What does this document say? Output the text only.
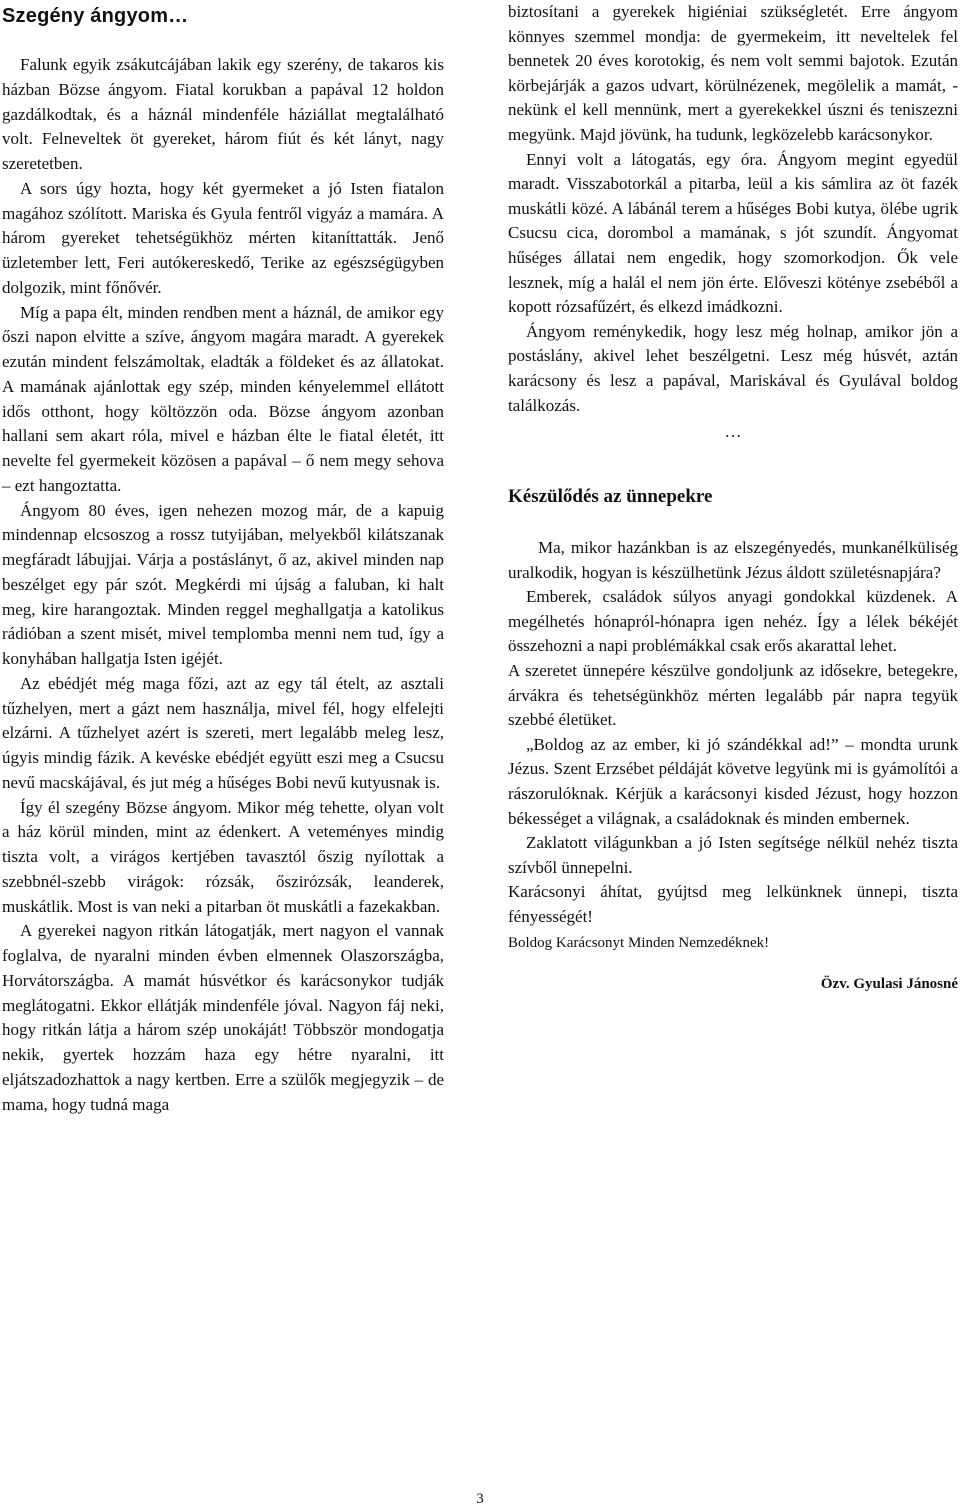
Szegény ángyom…

Falunk egyik zsákutcájában lakik egy szerény, de takaros kis házban Bözse ángyom. Fiatal korukban a papával 12 holdon gazdálkodtak, és a háznál mindenféle háziállat megtalálható volt. Felneveltek öt gyereket, három fiút és két lányt, nagy szeretetben.

A sors úgy hozta, hogy két gyermeket a jó Isten fiatalon magához szólított. Mariska és Gyula fentről vigyáz a mamára. A három gyereket tehetségükhöz mérten kitaníttatták. Jenő üzletember lett, Feri autókereskedő, Terike az egészségügyben dolgozik, mint főnővér.

Míg a papa élt, minden rendben ment a háznál, de amikor egy őszi napon elvitte a szíve, ángyom magára maradt. A gyerekek ezután mindent felszámoltak, eladták a földeket és az állatokat. A mamának ajánlottak egy szép, minden kényelemmel ellátott idős otthont, hogy költözzön oda. Bözse ángyom azonban hallani sem akart róla, mivel e házban élte le fiatal életét, itt nevelte fel gyermekeit közösen a papával – ő nem megy sehova – ezt hangoztatta.

Ángyom 80 éves, igen nehezen mozog már, de a kapuig mindennap elcsoszog a rossz tutyijában, melyekből kilátszanak megfáradt lábujjai. Várja a postáslányt, ő az, akivel minden nap beszélget egy pár szót. Megkérdi mi újság a faluban, ki halt meg, kire harangoztak. Minden reggel meghallgatja a katolikus rádióban a szent misét, mivel templomba menni nem tud, így a konyhában hallgatja Isten igéjét.

Az ebédjét még maga főzi, azt az egy tál ételt, az asztali tűzhelyen, mert a gázt nem használja, mivel fél, hogy elfelejti elzárni. A tűzhelyet azért is szereti, mert legalább meleg lesz, úgyis mindig fázik. A kevéske ebédjét együtt eszi meg a Csucsu nevű macskájával, és jut még a hűséges Bobi nevű kutyusnak is.

Így él szegény Bözse ángyom. Mikor még tehette, olyan volt a ház körül minden, mint az édenkert. A veteményes mindig tiszta volt, a virágos kertjében tavasztól őszig nyílottak a szebbnél-szebb virágok: rózsák, őszirózsák, leanderek, muskátlik. Most is van neki a pitarban öt muskátli a fazekakban.

A gyerekei nagyon ritkán látogatják, mert nagyon el vannak foglalva, de nyaralni minden évben elmennek Olaszországba, Horvátországba. A mamát húsvétkor és karácsonykor tudják meglátogatni. Ekkor ellátják mindenféle jóval. Nagyon fáj neki, hogy ritkán látja a három szép unokáját! Többször mondogatja nekik, gyertek hozzám haza egy hétre nyaralni, itt eljátszadozhattok a nagy kertben. Erre a szülők megjegyzik – de mama, hogy tudná maga

biztosítani a gyerekek higiéniai szükségletét. Erre ángyom könnyes szemmel mondja: de gyermekeim, itt neveltelek fel bennetek 20 éves korotokig, és nem volt semmi bajotok. Ezután körbejárják a gazos udvart, körülnézenek, megölelik a mamát, - nekünk el kell mennünk, mert a gyerekekkel úszni és teniszezni megyünk. Majd jövünk, ha tudunk, legközelebb karácsonykor.

Ennyi volt a látogatás, egy óra. Ángyom megint egyedül maradt. Visszabotorkál a pitarba, leül a kis sámlira az öt fazék muskátli közé. A lábánál terem a hűséges Bobi kutya, ölébe ugrik Csucsu cica, dorombol a mamának, s jót szundít. Ángyomat hűséges állatai nem engedik, hogy szomorkodjon. Ők vele lesznek, míg a halál el nem jön érte. Előveszi kötényе zsebéből a kopott rózsafűzért, és elkezd imádkozni.

Ángyom reménykedik, hogy lesz még holnap, amikor jön a postáslány, akivel lehet beszélgetni. Lesz még húsvét, aztán karácsony és lesz a papával, Mariskával és Gyulával boldog találkozás.

…
Készülődés az ünnepekre

Ma, mikor hazánkban is az elszegényedés, munkanélküliség uralkodik, hogyan is készülhetünk Jézus áldott születésnapjára?

Emberek, családok súlyos anyagi gondokkal küzdenek. A megélhetés hónapról-hónapra igen nehéz. Így a lélek békéjét összehozni a napi problémákkal csak erős akarattal lehet.

A szeretet ünnepére készülve gondoljunk az idősekre, betegekre, árvákra és tehetségünkhöz mérten legalább pár napra tegyük szebbé életüket.

„Boldog az az ember, ki jó szándékkal ad!” – mondta urunk Jézus. Szent Erzsébet példáját követve legyünk mi is gyámolítói a rászorulóknak. Kérjük a karácsonyi kisded Jézust, hogy hozzon békességet a világnak, a családoknak és minden embernek.

Zaklatott világunkban a jó Isten segítsége nélkül nehéz tiszta szívből ünnepelni.

Karácsonyi áhítat, gyújtsd meg lelkünknek ünnepi, tiszta fényességét!

Boldog Karácsonyt Minden Nemzedéknek!

Özv. Gyulasi Jánosné

3
